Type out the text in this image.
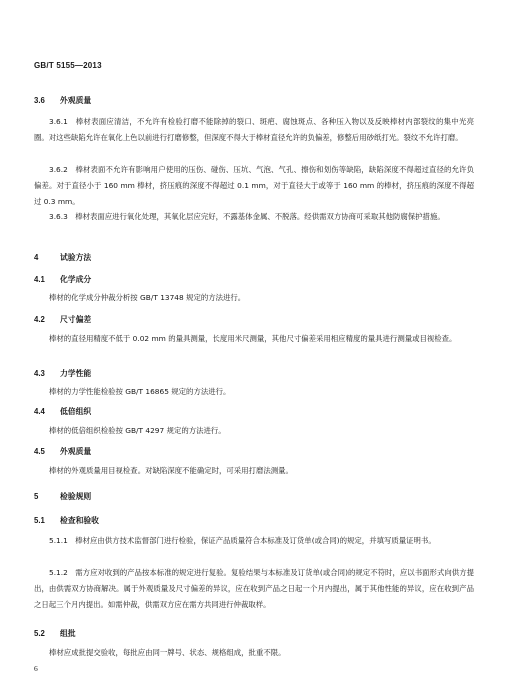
GB/T 5155—2013
3.6 外观质量
3.6.1　棒材表面应清洁，不允许有检验打磨不能除掉的裂口、斑疤、腐蚀斑点、各种压入物以及反映棒材内部裂纹的集中光亮圈。对这些缺陷允许在氧化上色以前进行打磨修整，但深度不得大于棒材直径允许的负偏差，修整后用砂纸打光。裂纹不允许打磨。
3.6.2　棒材表面不允许有影响用户使用的压伤、碰伤、压坑、气泡、气孔、擦伤和划伤等缺陷，缺陷深度不得超过直径的允许负偏差。对于直径小于 160 mm 棒材，挤压痕的深度不得超过 0.1 mm，对于直径大于或等于 160 mm 的棒材，挤压痕的深度不得超过 0.3 mm。
3.6.3　棒材表面应进行氧化处理，其氧化层应完好，不露基体金属、不脱落。经供需双方协商可采取其他防腐保护措施。
4	试验方法
4.1 化学成分
棒材的化学成分仲裁分析按 GB/T 13748 规定的方法进行。
4.2 尺寸偏差
棒材的直径用精度不低于 0.02 mm 的量具测量，长度用米尺测量，其他尺寸偏差采用相应精度的量具进行测量或目视检查。
4.3 力学性能
棒材的力学性能检验按 GB/T 16865 规定的方法进行。
4.4 低倍组织
棒材的低倍组织检验按 GB/T 4297 规定的方法进行。
4.5 外观质量
棒材的外观质量用目视检查。对缺陷深度不能确定时，可采用打磨法测量。
5	检验规则
5.1 检查和验收
5.1.1　棒材应由供方技术监督部门进行检验，保证产品质量符合本标准及订货单(或合同)的规定，并填写质量证明书。
5.1.2　需方应对收到的产品按本标准的规定进行复验。复验结果与本标准及订货单(或合同)的规定不符时，应以书面形式向供方提出，由供需双方协商解决。属于外观质量及尺寸偏差的异议，应在收到产品之日起一个月内提出，属于其他性能的异议，应在收到产品之日起三个月内提出。如需仲裁，供需双方应在需方共同进行仲裁取样。
5.2 组批
棒材应成批提交验收，每批应由同一牌号、状态、规格组成，批重不限。
6
